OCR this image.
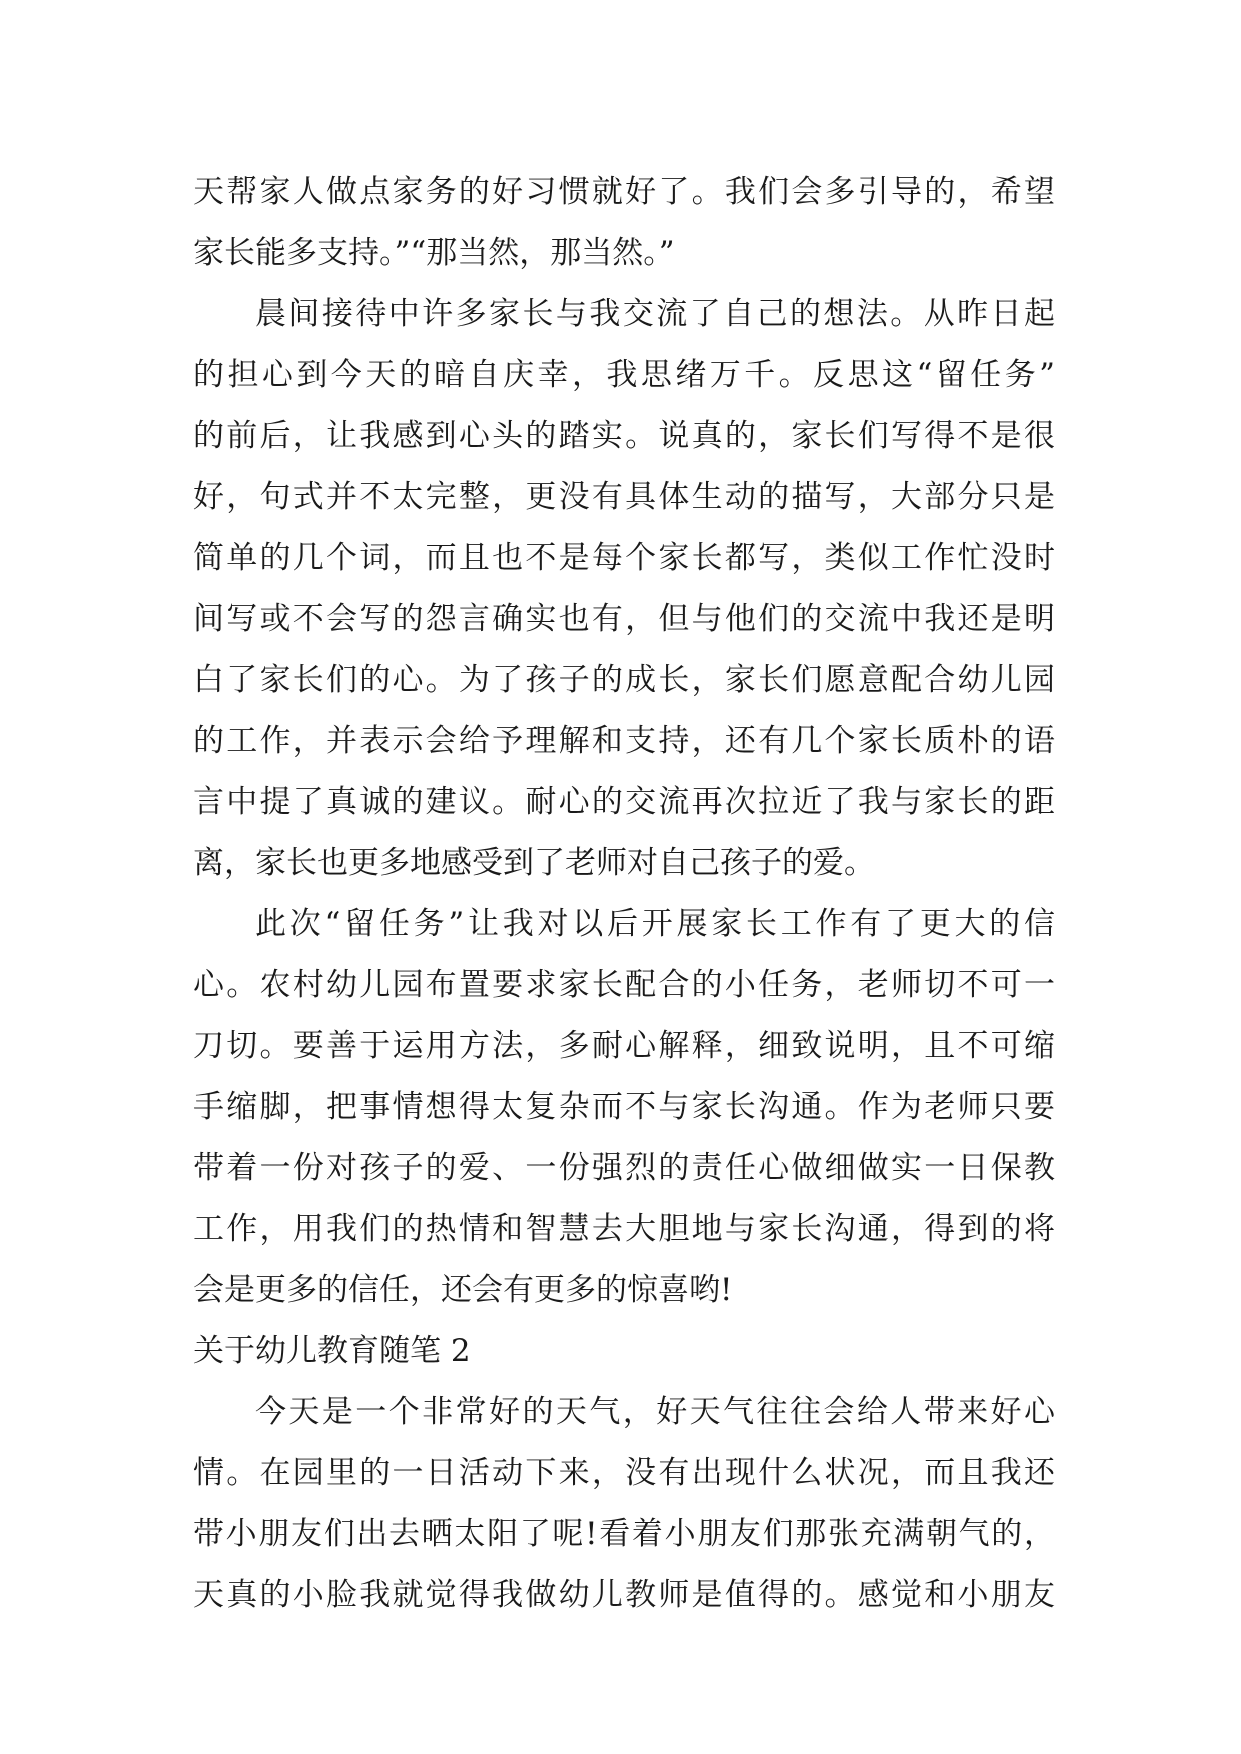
天帮家人做点家务的好习惯就好了。我们会多引导的，希望
家长能多支持。”“那当然，那当然。”
晨间接待中许多家长与我交流了自己的想法。从昨日起
的担心到今天的暗自庆幸，我思绪万千。反思这“留任务”
的前后，让我感到心头的踏实。说真的，家长们写得不是很
好，句式并不太完整，更没有具体生动的描写，大部分只是
简单的几个词，而且也不是每个家长都写，类似工作忙没时
间写或不会写的怨言确实也有，但与他们的交流中我还是明
白了家长们的心。为了孩子的成长，家长们愿意配合幼儿园
的工作，并表示会给予理解和支持，还有几个家长质朴的语
言中提了真诚的建议。耐心的交流再次拉近了我与家长的距
离，家长也更多地感受到了老师对自己孩子的爱。
此次“留任务”让我对以后开展家长工作有了更大的信
心。农村幼儿园布置要求家长配合的小任务，老师切不可一
刀切。要善于运用方法，多耐心解释，细致说明，且不可缩
手缩脚，把事情想得太复杂而不与家长沟通。作为老师只要
带着一份对孩子的爱、一份强烈的责任心做细做实一日保教
工作，用我们的热情和智慧去大胆地与家长沟通，得到的将
会是更多的信任，还会有更多的惊喜哟!
关于幼儿教育随笔 2
今天是一个非常好的天气，好天气往往会给人带来好心
情。在园里的一日活动下来，没有出现什么状况，而且我还
带小朋友们出去晒太阳了呢!看着小朋友们那张充满朝气的，
天真的小脸我就觉得我做幼儿教师是值得的。感觉和小朋友
